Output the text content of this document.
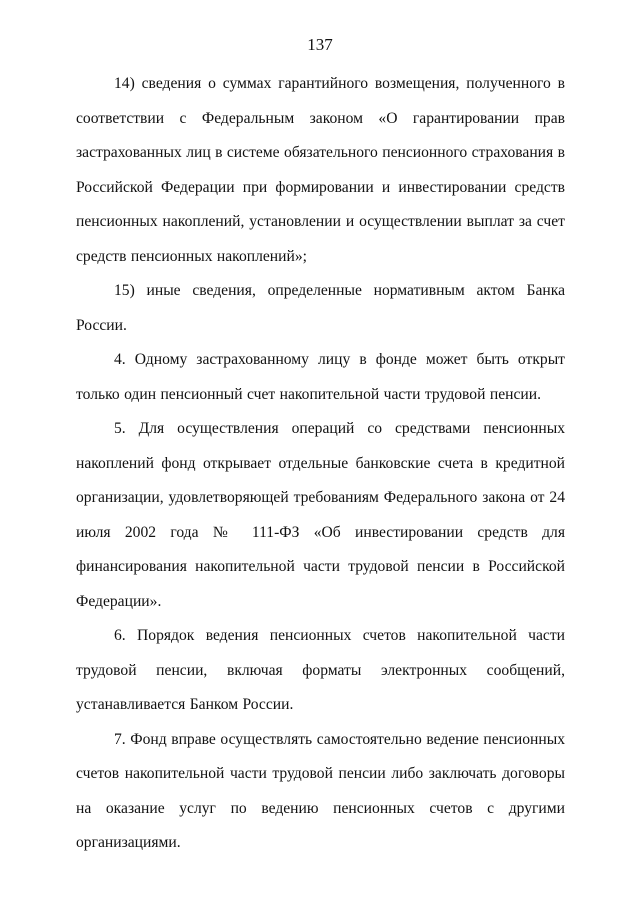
137

14) сведения о суммах гарантийного возмещения, полученного в соответствии с Федеральным законом «О гарантировании прав застрахованных лиц в системе обязательного пенсионного страхования в Российской Федерации при формировании и инвестировании средств пенсионных накоплений, установлении и осуществлении выплат за счет средств пенсионных накоплений»;

15) иные сведения, определенные нормативным актом Банка России.

4. Одному застрахованному лицу в фонде может быть открыт только один пенсионный счет накопительной части трудовой пенсии.

5. Для осуществления операций со средствами пенсионных накоплений фонд открывает отдельные банковские счета в кредитной организации, удовлетворяющей требованиям Федерального закона от 24 июля 2002 года № 111-ФЗ «Об инвестировании средств для финансирования накопительной части трудовой пенсии в Российской Федерации».

6. Порядок ведения пенсионных счетов накопительной части трудовой пенсии, включая форматы электронных сообщений, устанавливается Банком России.

7. Фонд вправе осуществлять самостоятельно ведение пенсионных счетов накопительной части трудовой пенсии либо заключать договоры на оказание услуг по ведению пенсионных счетов с другими организациями.
